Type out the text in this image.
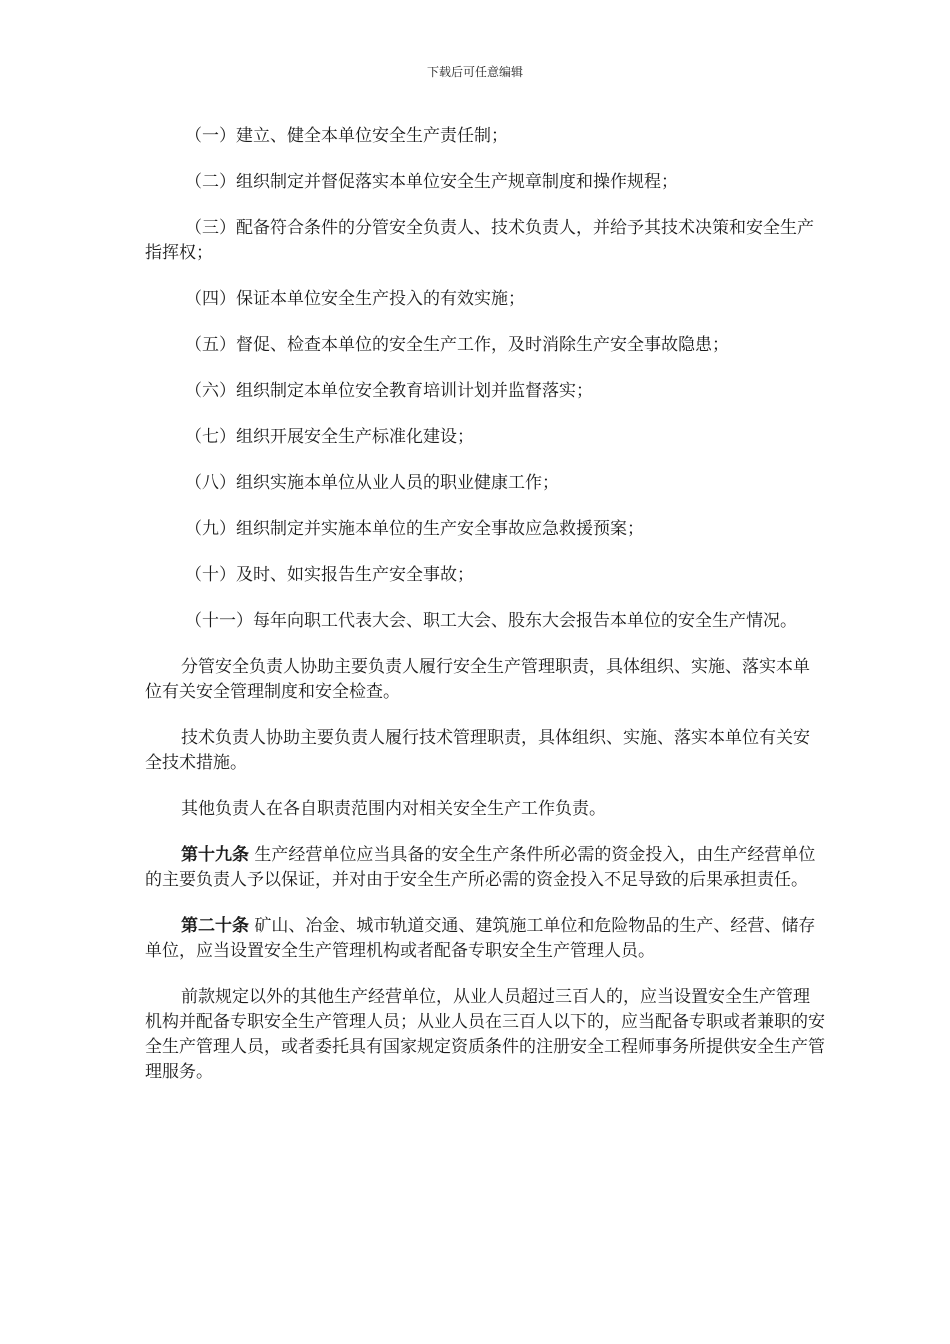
下载后可任意编辑

（一）建立、健全本单位安全生产责任制；

（二）组织制定并督促落实本单位安全生产规章制度和操作规程；

（三）配备符合条件的分管安全负责人、技术负责人，并给予其技术决策和安全生产指挥权；

（四）保证本单位安全生产投入的有效实施；

（五）督促、检查本单位的安全生产工作，及时消除生产安全事故隐患；

（六）组织制定本单位安全教育培训计划并监督落实；

（七）组织开展安全生产标准化建设；

（八）组织实施本单位从业人员的职业健康工作；

（九）组织制定并实施本单位的生产安全事故应急救援预案；

（十）及时、如实报告生产安全事故；

（十一）每年向职工代表大会、职工大会、股东大会报告本单位的安全生产情况。

分管安全负责人协助主要负责人履行安全生产管理职责，具体组织、实施、落实本单位有关安全管理制度和安全检查。

技术负责人协助主要负责人履行技术管理职责，具体组织、实施、落实本单位有关安全技术措施。

其他负责人在各自职责范围内对相关安全生产工作负责。

第十九条 生产经营单位应当具备的安全生产条件所必需的资金投入，由生产经营单位的主要负责人予以保证，并对由于安全生产所必需的资金投入不足导致的后果承担责任。

第二十条 矿山、冶金、城市轨道交通、建筑施工单位和危险物品的生产、经营、储存单位，应当设置安全生产管理机构或者配备专职安全生产管理人员。

前款规定以外的其他生产经营单位，从业人员超过三百人的，应当设置安全生产管理机构并配备专职安全生产管理人员；从业人员在三百人以下的，应当配备专职或者兼职的安全生产管理人员，或者委托具有国家规定资质条件的注册安全工程师事务所提供安全生产管理服务。
